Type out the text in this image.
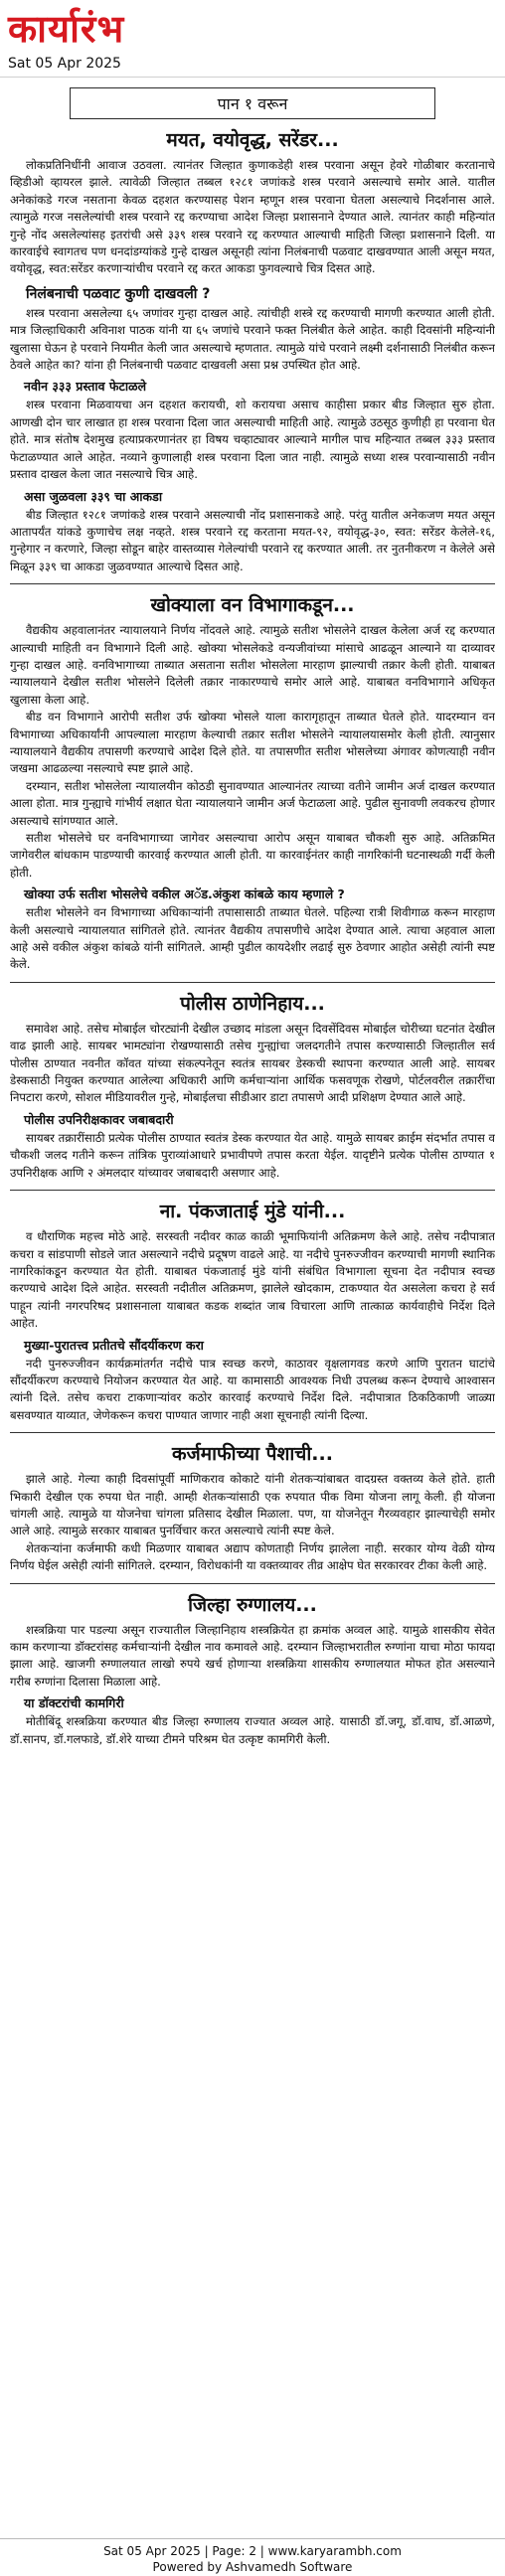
कार्यारंभ
Sat 05 Apr 2025
पान १ वरून
मयत, वयोवृद्ध, सरेंडर...
लोकप्रतिनिधींनी आवाज उठवला. त्यानंतर जिल्हात कुणाकडेही शस्त्र परवाना असून हेवरे गोळीबार करतानाचे व्हिडीओ व्हायरल झाले. त्यावेळी जिल्हात तब्बल १२८१ जणांकडे शस्त्र परवाने असल्याचे समोर आले. यातील अनेकांकडे गरज नसताना केवळ दहशत करण्यासह पेशन म्हणून शस्त्र परवाना घेतला असल्याचे निदर्शनास आले. त्यामुळे गरज नसलेल्यांची शस्त्र परवाने रद्द करण्याचा आदेश जिल्हा प्रशासनाने देण्यात आले. त्यानंतर काही महिन्यांत गुन्हे नोंद असलेल्यांसह इतरांची असे ३३९ शस्त्र परवाने रद्द करण्यात आल्याची माहिती जिल्हा प्रशासनाने दिली. या कारवाईचे स्वागतच पण धनदांडग्यांकडे गुन्हे दाखल असूनही त्यांना निलंबनाची पळवाट दाखवण्यात आली असून मयत, वयोवृद्ध, स्वत:सरेंडर करणाऱ्यांचीच परवाने रद्द करत आकडा फुगवल्याचे चित्र दिसत आहे.
निलंबनाची पळवाट कुणी दाखवली ?
शस्त्र परवाना असलेल्या ६५ जणांवर गुन्हा दाखल आहे. त्यांचीही शस्त्रे रद्द करण्याची मागणी करण्यात आली होती. मात्र जिल्हाधिकारी अविनाश पाठक यांनी या ६५ जणांचे परवाने फक्त निलंबीत केले आहेत. काही दिवसांनी महिन्यांनी खुलासा घेऊन हे परवाने नियमीत केली जात असल्याचे म्हणतात. त्यामुळे यांचे परवाने लक्ष्मी दर्शनासाठी निलंबीत करून ठेवले आहेत का? यांना ही निलंबनाची पळवाट दाखवली असा प्रश्न उपस्थित होत आहे.
नवीन ३३३ प्रस्ताव फेटाळले
शस्त्र परवाना मिळवायचा अन दहशत करायची, शो करायचा असाच काहीसा प्रकार बीड जिल्हात सुरु होता. आणखी दोन चार लाखात हा शस्त्र परवाना दिला जात असल्याची माहिती आहे. त्यामुळे उठसूठ कुणीही हा परवाना घेत होते. मात्र संतोष देशमुख हत्याप्रकरणानंतर हा विषय चव्हाट्यावर आल्याने मागील पाच महिन्यात तब्बल ३३३ प्रस्ताव फेटाळण्यात आले आहेत. नव्याने कुणालाही शस्त्र परवाना दिला जात नाही. त्यामुळे सध्या शस्त्र परवान्यासाठी नवीन प्रस्ताव दाखल केला जात नसल्याचे चित्र आहे.
असा जुळवला ३३९ चा आकडा
बीड जिल्हात १२८१ जणांकडे शस्त्र परवाने असल्याची नोंद प्रशासनाकडे आहे. परंतु यातील अनेकजण मयत असून आतापर्यंत यांकडे कुणाचेच लक्ष नव्हते. शस्त्र परवाने रद्द करताना मयत-९२, वयोवृद्ध-३०, स्वत: सरेंडर केलेले-१६, गुन्हेगार न करणारे, जिल्हा सोडून बाहेर वास्तव्यास गेलेल्यांची परवाने रद्द करण्यात आली. तर नुतनीकरण न केलेले असे मिळून ३३९ चा आकडा जुळवण्यात आल्याचे दिसत आहे.
खोक्याला वन विभागाकडून...
वैद्यकीय अहवालानंतर न्यायालयाने निर्णय नोंदवले आहे. त्यामुळे सतीश भोसलेने दाखल केलेला अर्ज रद्द करण्यात आल्याची माहिती वन विभागाने दिली आहे. खोक्या भोसलेकडे वन्यजीवांच्या मांसाचे आढळून आल्याने या दाव्यावर गुन्हा दाखल आहे. वनविभागाच्या ताब्यात असताना सतीश भोसलेला मारहाण झाल्याची तक्रार केली होती. याबाबत न्यायालयाने देखील सतीश भोसलेने दिलेली तक्रार नाकारण्याचे समोर आले आहे. याबाबत वनविभागाने अधिकृत खुलासा केला आहे.
बीड वन विभागाने आरोपी सतीश उर्फ खोक्या भोसले याला कारागृहातून ताब्यात घेतले होते. यादरम्यान वन विभागाच्या अधिकार्यांनी आपल्याला मारहाण केल्याची तक्रार सतीश भोसलेने न्यायालयासमोर केली होती. त्यानुसार न्यायालयाने वैद्यकीय तपासणी करण्याचे आदेश दिले होते. या तपासणीत सतीश भोसलेच्या अंगावर कोणत्याही नवीन जखमा आढळल्या नसल्याचे स्पष्ट झाले आहे.
दरम्यान, सतीश भोसलेला न्यायालयीन कोठडी सुनावण्यात आल्यानंतर त्याच्या वतीने जामीन अर्ज दाखल करण्यात आला होता. मात्र गुन्ह्याचे गांभीर्य लक्षात घेता न्यायालयाने जामीन अर्ज फेटाळला आहे. पुढील सुनावणी लवकरच होणार असल्याचे सांगण्यात आले.
सतीश भोसलेचे घर वनविभागाच्या जागेवर असल्याचा आरोप असून याबाबत चौकशी सुरु आहे. अतिक्रमित जागेवरील बांधकाम पाडण्याची कारवाई करण्यात आली होती. या कारवाईनंतर काही नागरिकांनी घटनास्थळी गर्दी केली होती.
खोक्या उर्फ सतीश भोसलेचे वकील अॅड.अंकुश कांबळे काय म्हणाले ?
सतीश भोसलेने वन विभागाच्या अधिकाऱ्यांनी तपासासाठी ताब्यात घेतले. पहिल्या रात्री शिवीगाळ करून मारहाण केली असल्याचे न्यायालयात सांगितले होते. त्यानंतर वैद्यकीय तपासणीचे आदेश देण्यात आले. त्याचा अहवाल आला आहे असे वकील अंकुश कांबळे यांनी सांगितले. आम्ही पुढील कायदेशीर लढाई सुरु ठेवणार आहोत असेही त्यांनी स्पष्ट केले.
पोलीस ठाणेनिहाय...
समावेश आहे. तसेच मोबाईल चोरट्यांनी देखील उच्छाद मांडला असून दिवसेंदिवस मोबाईल चोरीच्या घटनांत देखील वाढ झाली आहे. सायबर भामट्यांना रोखण्यासाठी तसेच गुन्ह्यांचा जलदगतीने तपास करण्यासाठी जिल्हातील सर्व पोलीस ठाण्यात नवनीत कॉवत यांच्या संकल्पनेतून स्वतंत्र सायबर डेस्कची स्थापना करण्यात आली आहे. सायबर डेस्कसाठी नियुक्त करण्यात आलेल्या अधिकारी आणि कर्मचाऱ्यांना आर्थिक फसवणूक रोखणे, पोर्टलवरील तक्रारींचा निपटारा करणे, सोशल मीडियावरील गुन्हे, मोबाईलचा सीडीआर डाटा तपासणे आदी प्रशिक्षण देण्यात आले आहे.
पोलीस उपनिरीक्षकावर जबाबदारी
सायबर तक्रारींसाठी प्रत्येक पोलीस ठाण्यात स्वतंत्र डेस्क करण्यात येत आहे. यामुळे सायबर क्राईम संदर्भात तपास व चौकशी जलद गतीने करून तांत्रिक पुराव्यांआधारे प्रभावीपणे तपास करता येईल. यादृष्टीने प्रत्येक पोलीस ठाण्यात १ उपनिरीक्षक आणि २ अंमलदार यांच्यावर जबाबदारी असणार आहे.
ना. पंकजाताई मुंडे यांनी...
व धौराणिक महत्त्व मोठे आहे. सरस्वती नदीवर काळ काळी भूमाफियांनी अतिक्रमण केले आहे. तसेच नदीपात्रात कचरा व सांडपाणी सोडले जात असल्याने नदीचे प्रदूषण वाढले आहे. या नदीचे पुनरुज्जीवन करण्याची मागणी स्थानिक नागरिकांकडून करण्यात येत होती. याबाबत पंकजाताई मुंडे यांनी संबंधित विभागाला सूचना देत नदीपात्र स्वच्छ करण्याचे आदेश दिले आहेत. सरस्वती नदीतील अतिक्रमण, झालेले खोदकाम, टाकण्यात येत असलेला कचरा हे सर्व पाहून त्यांनी नगरपरिषद प्रशासनाला याबाबत कडक शब्दांत जाब विचारला आणि तात्काळ कार्यवाहीचे निर्देश दिले आहेत.
मुख्या-पुरातत्त्व प्रतीतचे सौंदर्यीकरण करा
नदी पुनरुज्जीवन कार्यक्रमांतर्गत नदीचे पात्र स्वच्छ करणे, काठावर वृक्षलागवड करणे आणि पुरातन घाटांचे सौंदर्यीकरण करण्याचे नियोजन करण्यात येत आहे. या कामासाठी आवश्यक निधी उपलब्ध करून देण्याचे आश्वासन त्यांनी दिले. तसेच कचरा टाकणाऱ्यांवर कठोर कारवाई करण्याचे निर्देश दिले. नदीपात्रात ठिकठिकाणी जाळ्या बसवण्यात याव्यात, जेणेकरून कचरा पाण्यात जाणार नाही अशा सूचनाही त्यांनी दिल्या.
कर्जमाफीच्या पैशाची...
झाले आहे. गेल्या काही दिवसांपूर्वी माणिकराव कोकाटे यांनी शेतकऱ्यांबाबत वादग्रस्त वक्तव्य केले होते. हाती भिकारी देखील एक रुपया घेत नाही. आम्ही शेतकऱ्यांसाठी एक रुपयात पीक विमा योजना लागू केली. ही योजना चांगली आहे. त्यामुळे या योजनेचा चांगला प्रतिसाद देखील मिळाला. पण, या योजनेतून गैरव्यवहार झाल्याचेही समोर आले आहे. त्यामुळे सरकार याबाबत पुनर्विचार करत असल्याचे त्यांनी स्पष्ट केले.
शेतकऱ्यांना कर्जमाफी कधी मिळणार याबाबत अद्याप कोणताही निर्णय झालेला नाही. सरकार योग्य वेळी योग्य निर्णय घेईल असेही त्यांनी सांगितले. दरम्यान, विरोधकांनी या वक्तव्यावर तीव्र आक्षेप घेत सरकारवर टीका केली आहे.
जिल्हा रुग्णालय...
शस्त्रक्रिया पार पडल्या असून राज्यातील जिल्हानिहाय शस्त्रक्रियेत हा क्रमांक अव्वल आहे. यामुळे शासकीय सेवेत काम करणाऱ्या डॉक्टरांसह कर्मचाऱ्यांनी देखील नाव कमावले आहे. दरम्यान जिल्हाभरातील रुग्णांना याचा मोठा फायदा झाला आहे. खाजगी रुग्णालयात लाखो रुपये खर्च होणाऱ्या शस्त्रक्रिया शासकीय रुग्णालयात मोफत होत असल्याने गरीब रुग्णांना दिलासा मिळाला आहे.
या डॉक्टरांची कामगिरी
मोतीबिंदू शस्त्रक्रिया करण्यात बीड जिल्हा रुग्णालय राज्यात अव्वल आहे. यासाठी डॉ.जगू, डॉ.वाघ, डॉ.आळणे, डॉ.सानप, डॉ.गलफाडे, डॉ.शेरे याच्या टीमने परिश्रम घेत उत्कृष्ट कामगिरी केली.
Sat 05 Apr 2025 | Page: 2 | www.karyarambh.com
Powered by Ashvamedh Software
